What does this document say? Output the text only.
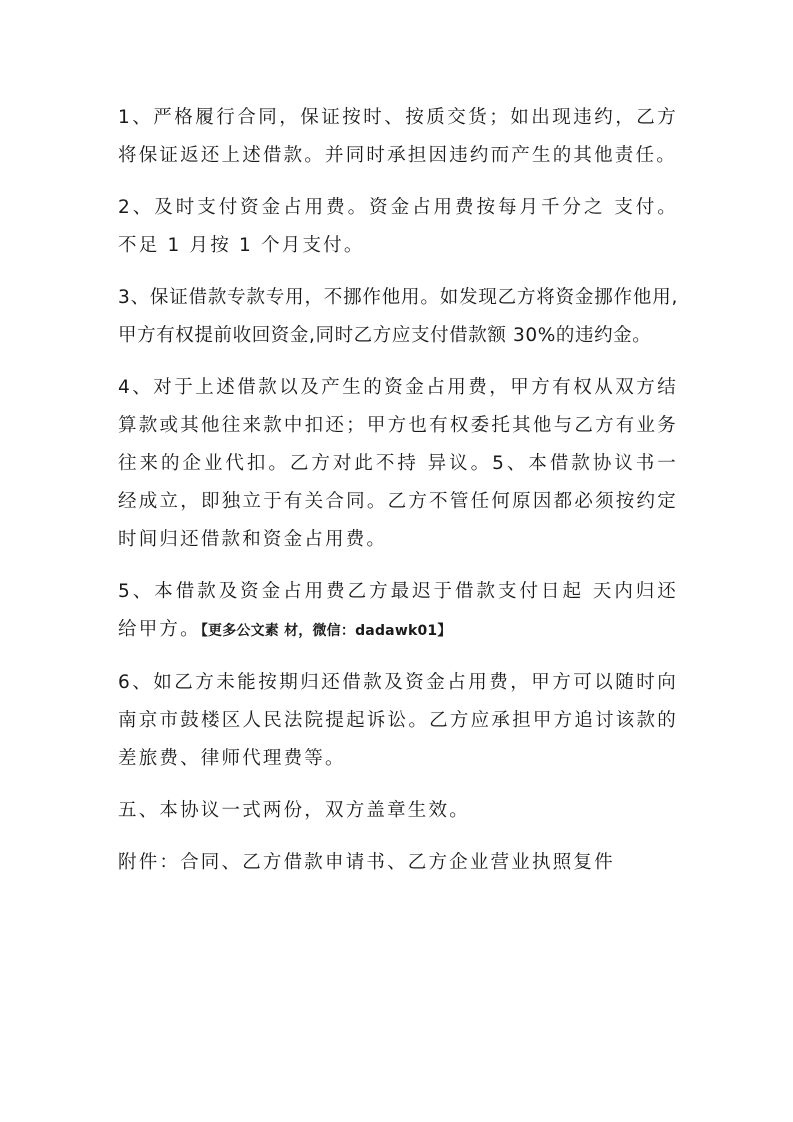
1、严格履行合同，保证按时、按质交货；如出现违约，乙方将保证返还上述借款。并同时承担因违约而产生的其他责任。

2、及时支付资金占用费。资金占用费按每月千分之 支付。不足 1 月按 1 个月支付。

3、保证借款专款专用，不挪作他用。如发现乙方将资金挪作他用,甲方有权提前收回资金,同时乙方应支付借款额 30%的违约金。

4、对于上述借款以及产生的资金占用费，甲方有权从双方结算款或其他往来款中扣还；甲方也有权委托其他与乙方有业务往来的企业代扣。乙方对此不持 异议。5、本借款协议书一经成立，即独立于有关合同。乙方不管任何原因都必须按约定时间归还借款和资金占用费。

5、本借款及资金占用费乙方最迟于借款支付日起 天内归还给甲方。【更多公文素 材，微信：dadawk01】

6、如乙方未能按期归还借款及资金占用费，甲方可以随时向南京市鼓楼区人民法院提起诉讼。乙方应承担甲方追讨该款的差旅费、律师代理费等。

五、本协议一式两份，双方盖章生效。

附件：合同、乙方借款申请书、乙方企业营业执照复件
